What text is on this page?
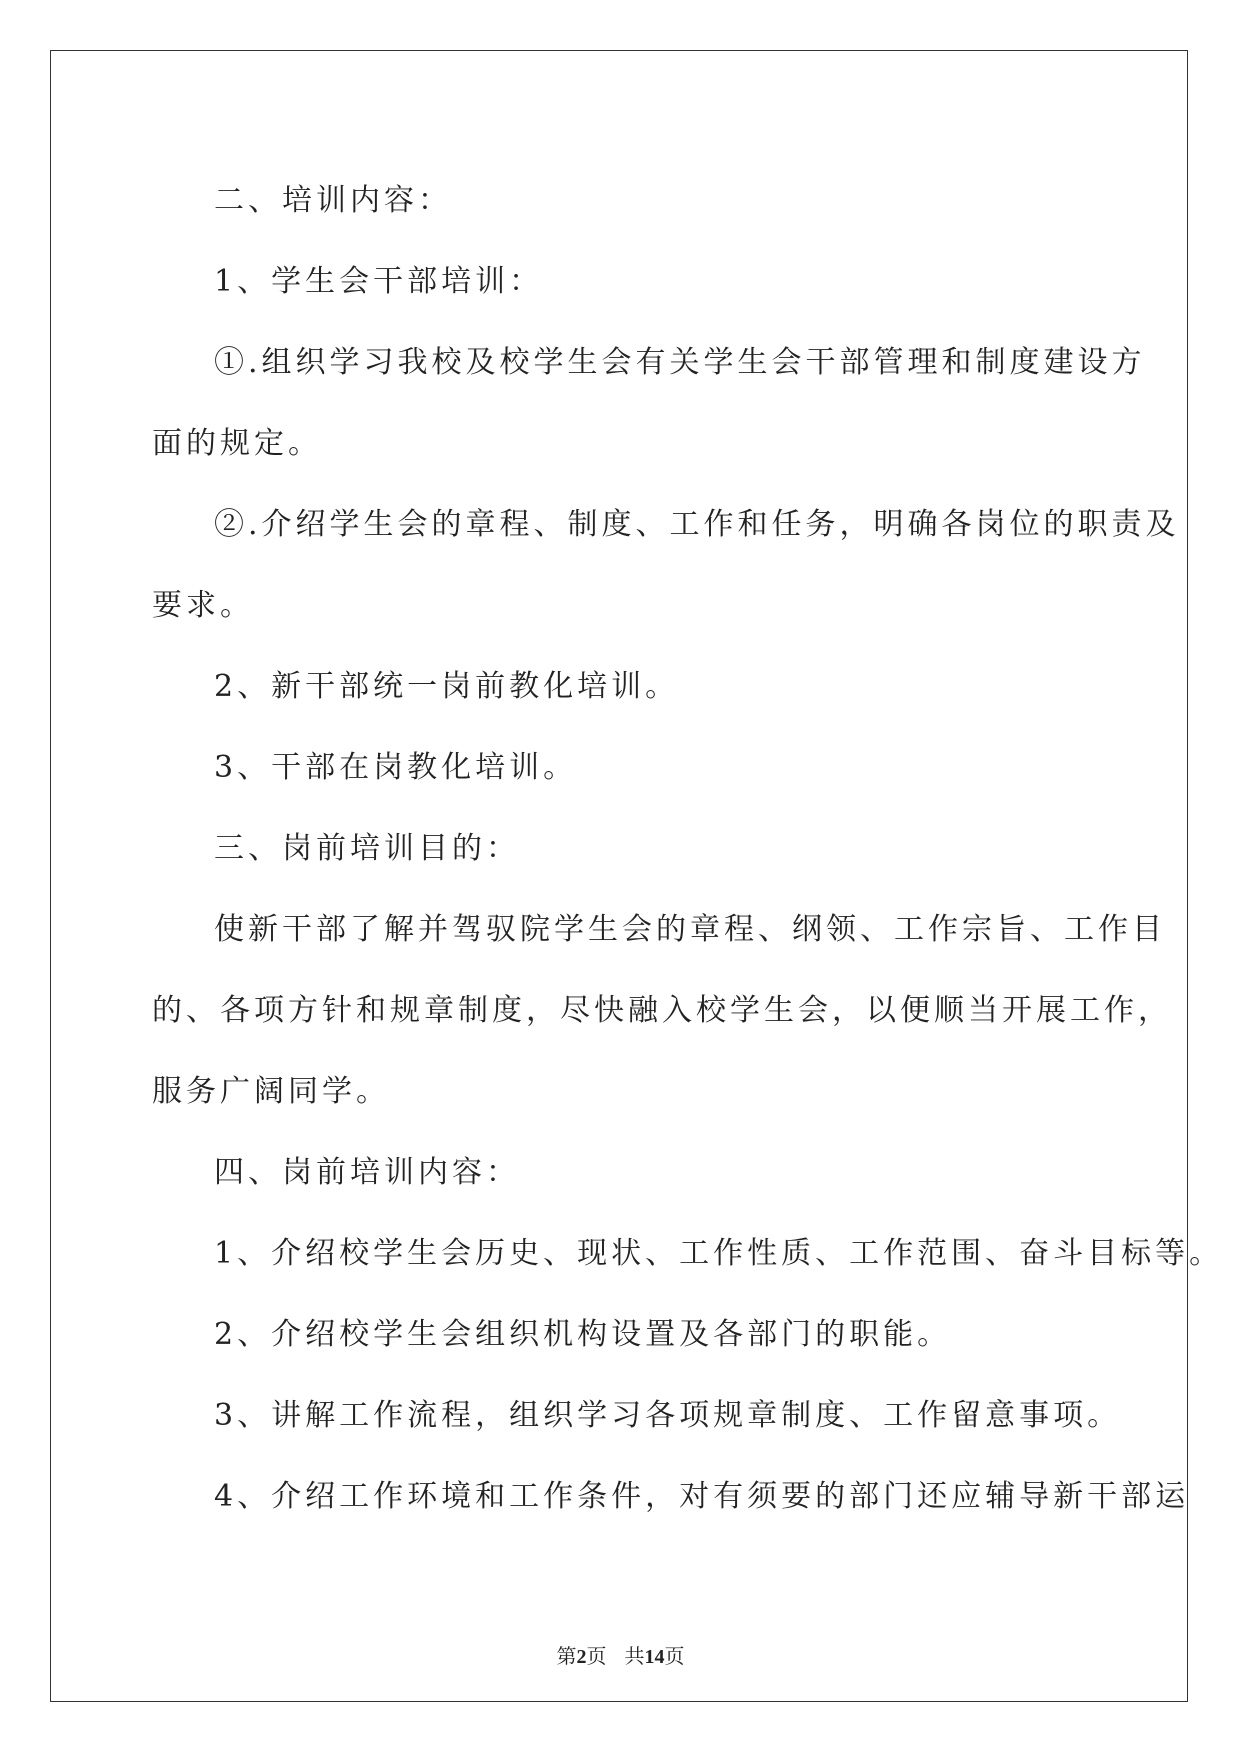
二、培训内容：
1、学生会干部培训：
①.组织学习我校及校学生会有关学生会干部管理和制度建设方
面的规定。
②.介绍学生会的章程、制度、工作和任务，明确各岗位的职责及
要求。
2、新干部统一岗前教化培训。
3、干部在岗教化培训。
三、岗前培训目的：
使新干部了解并驾驭院学生会的章程、纲领、工作宗旨、工作目
的、各项方针和规章制度，尽快融入校学生会，以便顺当开展工作，
服务广阔同学。
四、岗前培训内容：
1、介绍校学生会历史、现状、工作性质、工作范围、奋斗目标等。
2、介绍校学生会组织机构设置及各部门的职能。
3、讲解工作流程，组织学习各项规章制度、工作留意事项。
4、介绍工作环境和工作条件，对有须要的部门还应辅导新干部运
第2页 共14页
